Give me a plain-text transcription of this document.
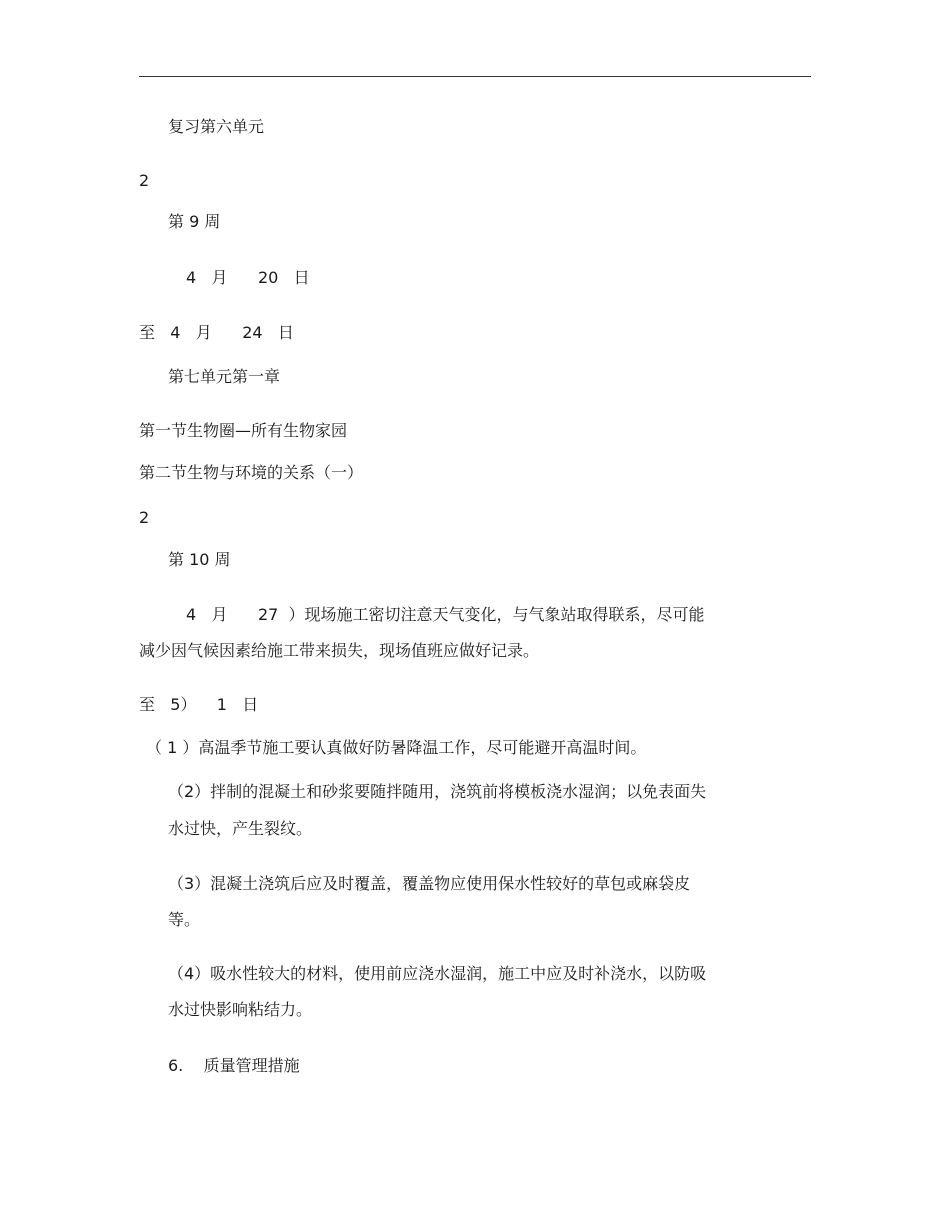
复习第六单元

2

第 9 周

4   月      20   日

至   4   月      24   日

第七单元第一章

第一节生物圈—所有生物家园

第二节生物与环境的关系（一）

2

第 10 周

4   月      27  ）现场施工密切注意天气变化，与气象站取得联系，尽可能

减少因气候因素给施工带来损失，现场值班应做好记录。

至   5）    1   日

（ 1 ）高温季节施工要认真做好防暑降温工作，尽可能避开高温时间。

（2）拌制的混凝土和砂浆要随拌随用，浇筑前将模板浇水湿润；以免表面失

水过快，产生裂纹。

（3）混凝土浇筑后应及时覆盖，覆盖物应使用保水性较好的草包或麻袋皮

等。

（4）吸水性较大的材料，使用前应浇水湿润，施工中应及时补浇水，以防吸

水过快影响粘结力。

6.    质量管理措施
